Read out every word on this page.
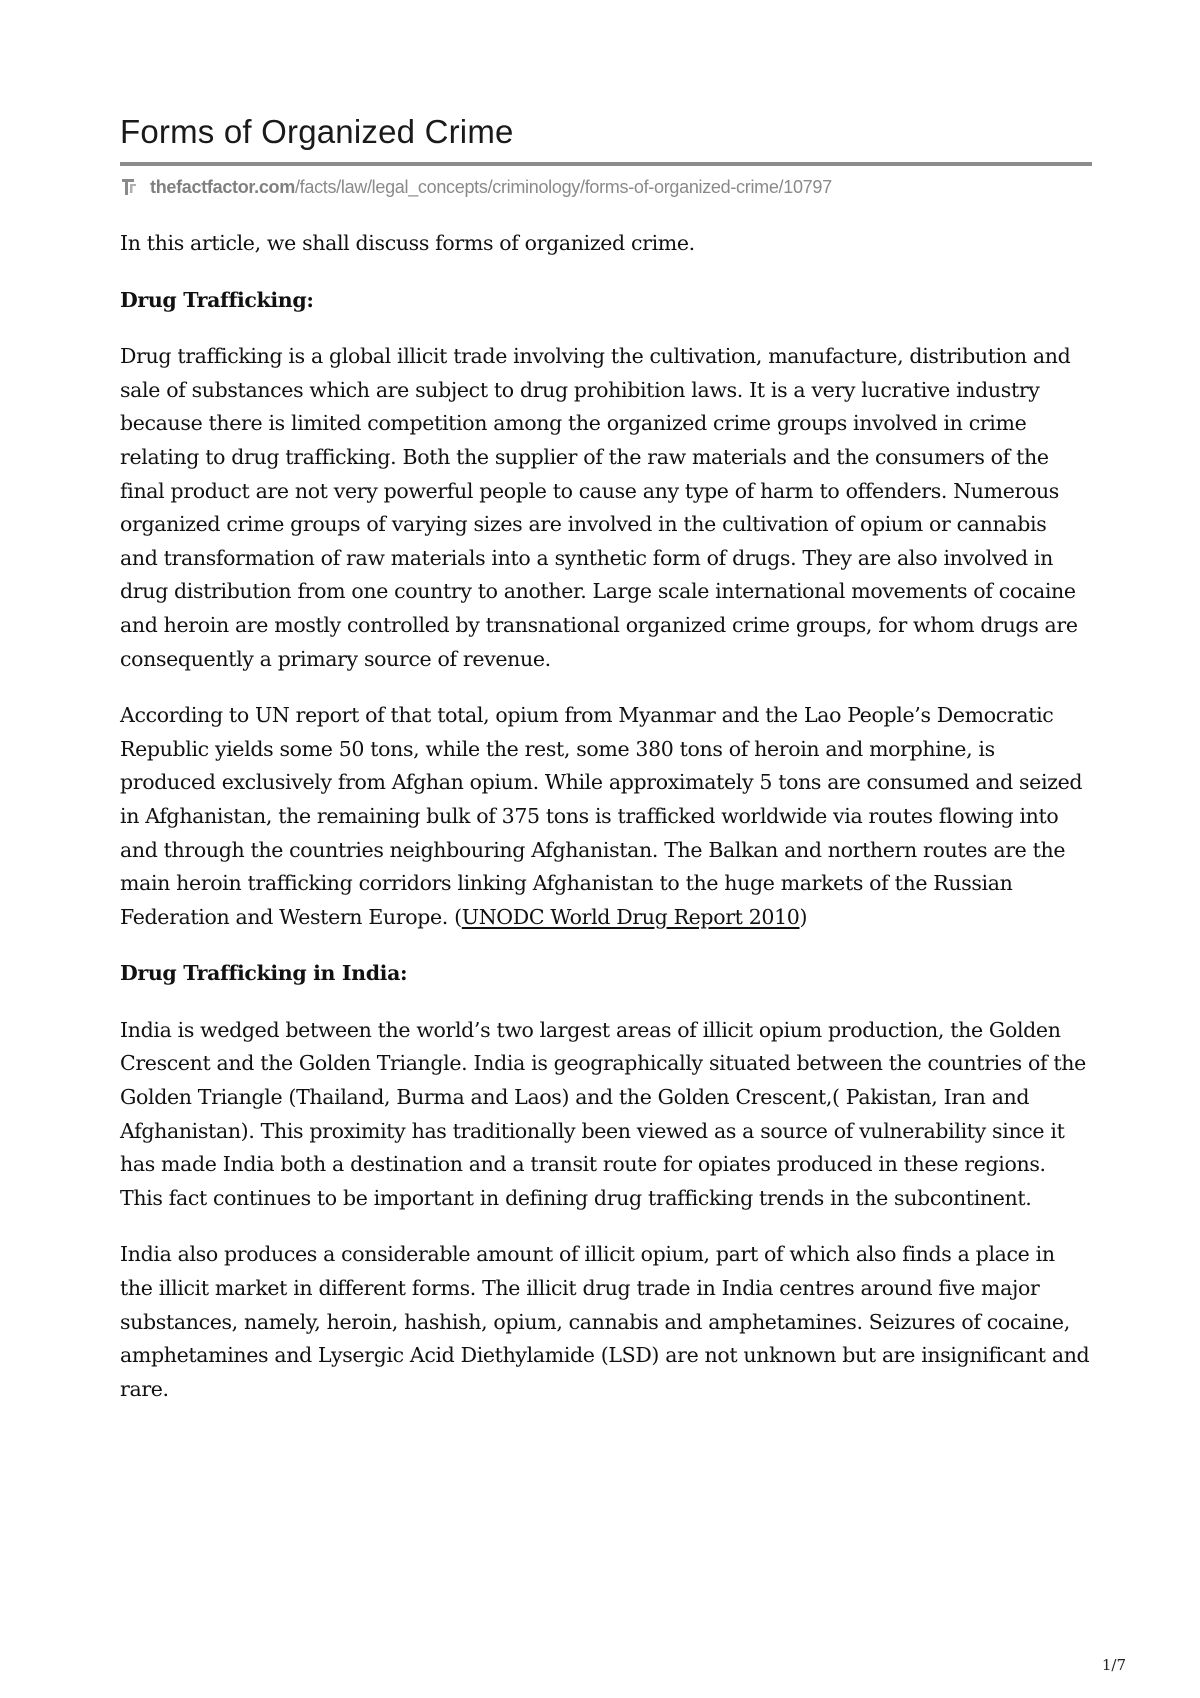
Forms of Organized Crime
thefactfactor.com /facts/law/legal_concepts/criminology/forms-of-organized-crime/10797

In this article, we shall discuss forms of organized crime.

Drug Trafficking:

Drug trafficking is a global illicit trade involving the cultivation, manufacture, distribution and sale of substances which are subject to drug prohibition laws. It is a very lucrative industry because there is limited competition among the organized crime groups involved in crime relating to drug trafficking. Both the supplier of the raw materials and the consumers of the final product are not very powerful people to cause any type of harm to offenders. Numerous organized crime groups of varying sizes are involved in the cultivation of opium or cannabis and transformation of raw materials into a synthetic form of drugs. They are also involved in drug distribution from one country to another. Large scale international movements of cocaine and heroin are mostly controlled by transnational organized crime groups, for whom drugs are consequently a primary source of revenue.

According to UN report of that total, opium from Myanmar and the Lao People’s Democratic Republic yields some 50 tons, while the rest, some 380 tons of heroin and morphine, is produced exclusively from Afghan opium. While approximately 5 tons are consumed and seized in Afghanistan, the remaining bulk of 375 tons is trafficked worldwide via routes flowing into and through the countries neighbouring Afghanistan. The Balkan and northern routes are the main heroin trafficking corridors linking Afghanistan to the huge markets of the Russian Federation and Western Europe. (UNODC World Drug Report 2010)

Drug Trafficking in India:

India is wedged between the world’s two largest areas of illicit opium production, the Golden Crescent and the Golden Triangle. India is geographically situated between the countries of the Golden Triangle (Thailand, Burma and Laos) and the Golden Crescent,( Pakistan, Iran and Afghanistan). This proximity has traditionally been viewed as a source of vulnerability since it has made India both a destination and a transit route for opiates produced in these regions. This fact continues to be important in defining drug trafficking trends in the subcontinent.

India also produces a considerable amount of illicit opium, part of which also finds a place in the illicit market in different forms. The illicit drug trade in India centres around five major substances, namely, heroin, hashish, opium, cannabis and amphetamines. Seizures of cocaine, amphetamines and Lysergic Acid Diethylamide (LSD) are not unknown but are insignificant and rare.

1/7
